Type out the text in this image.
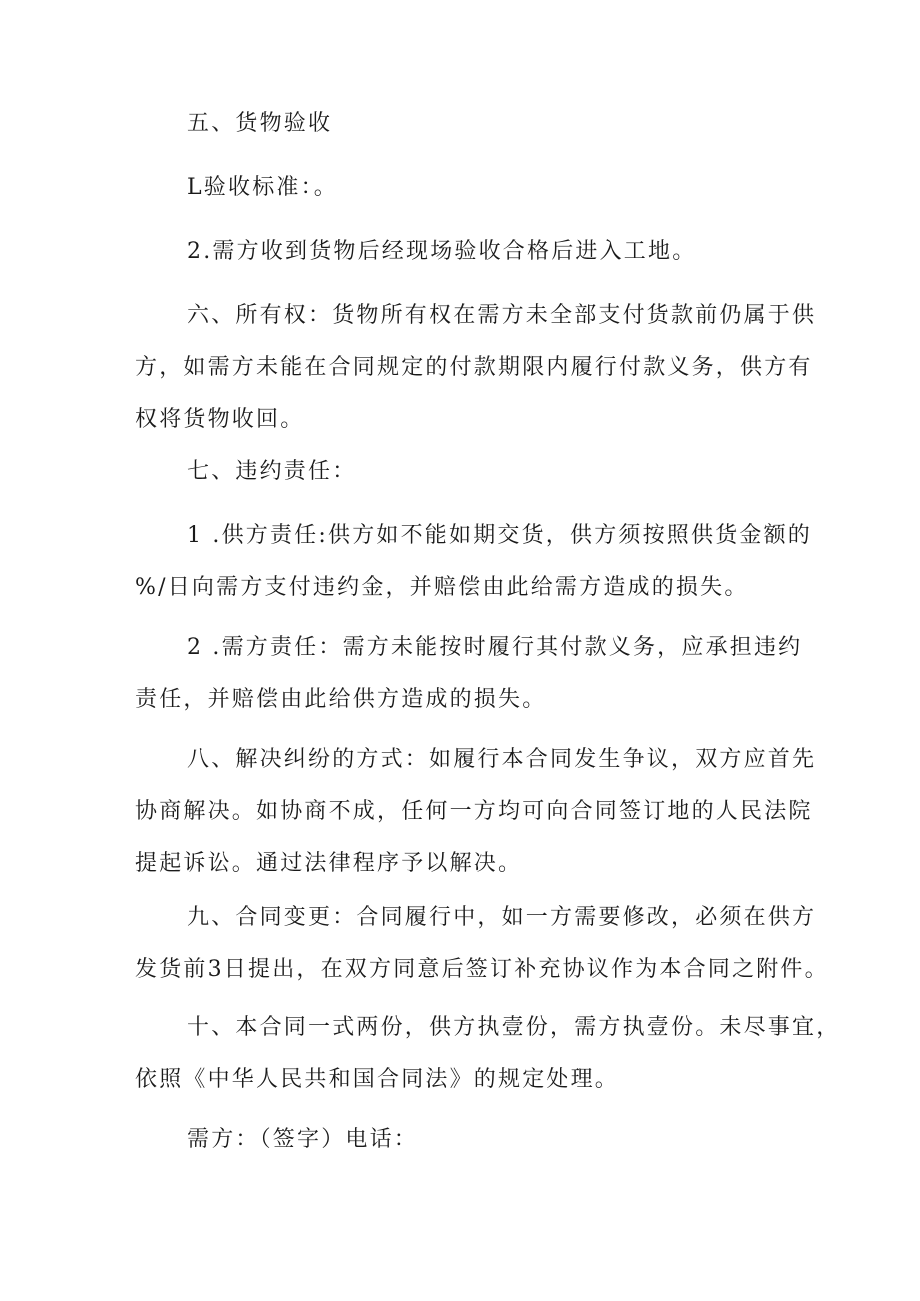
五、货物验收

L验收标准：。

2.需方收到货物后经现场验收合格后进入工地。

六、所有权：货物所有权在需方未全部支付货款前仍属于供
方，如需方未能在合同规定的付款期限内履行付款义务，供方有
权将货物收回。

七、违约责任：

1 .供方责任:供方如不能如期交货，供方须按照供货金额的
%/日向需方支付违约金，并赔偿由此给需方造成的损失。

2 .需方责任：需方未能按时履行其付款义务，应承担违约
责任，并赔偿由此给供方造成的损失。

八、解决纠纷的方式：如履行本合同发生争议，双方应首先
协商解决。如协商不成，任何一方均可向合同签订地的人民法院
提起诉讼。通过法律程序予以解决。

九、合同变更：合同履行中，如一方需要修改，必须在供方
发货前3日提出，在双方同意后签订补充协议作为本合同之附件。

十、本合同一式两份，供方执壹份，需方执壹份。未尽事宜，
依照《中华人民共和国合同法》的规定处理。

需方：（签字）电话：
